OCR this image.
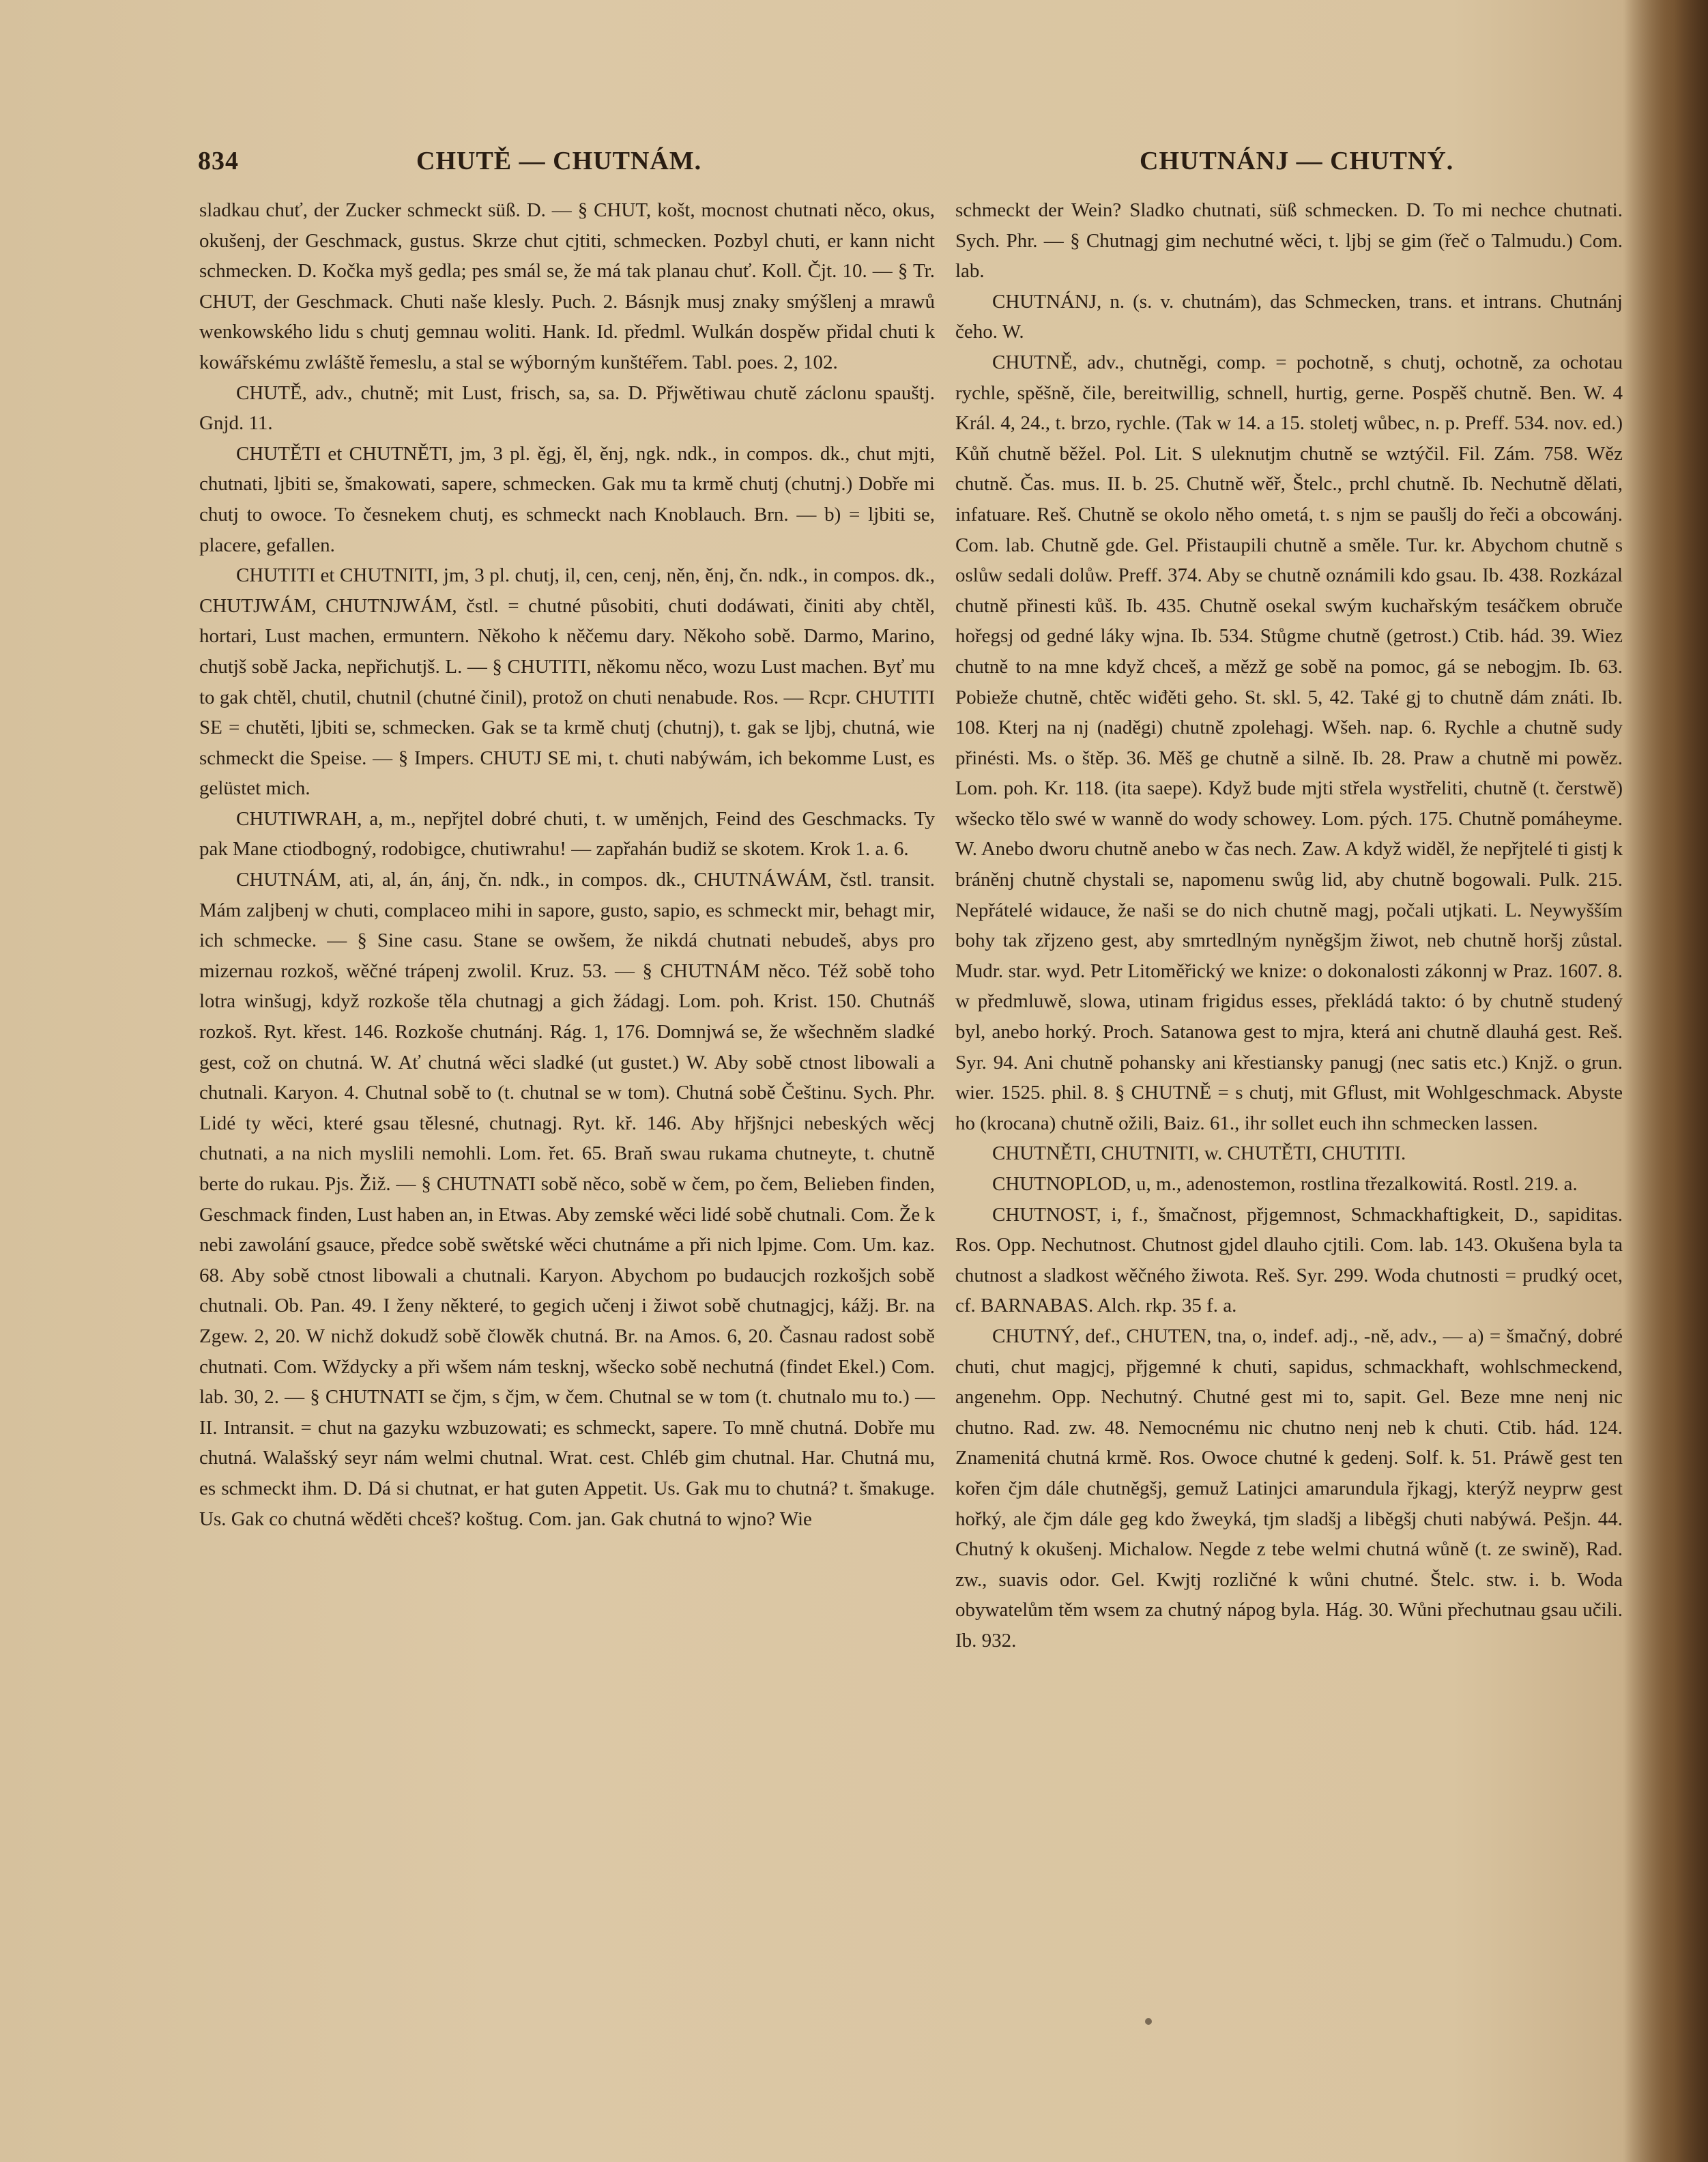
834	CHUTĚ — CHUTNÁM.	CHUTNÁNJ — CHUTNÝ.

sladkau chuť, der Zucker schmeckt süß. D. — § CHUT, košt, mocnost chutnati něco, okus, okušenj, der Geschmack, gustus. Skrze chut cjtiti, schmecken. Pozbyl chuti, er kann nicht schmecken. D. Kočka myš gedla; pes smál se, že má tak planau chuť. Koll. Čjt. 10. — § Tr. CHUT, der Geschmack. Chuti naše klesly. Puch. 2. Básnjk musj znaky smýšlenj a mrawů wenkowského lidu s chutj gemnau woliti. Hank. Id. předml. Wulkán dospěw přidal chuti k kowářskému zwláště řemeslu, a stal se wýborným kunštéřem. Tabl. poes. 2, 102.

CHUTĚ, adv., chutně; mit Lust, frisch, sa, sa. D. Přjwětiwau chutě záclonu spauštj. Gnjd. 11.

CHUTĚTI et CHUTNĚTI, jm, 3 pl. ěgj, ěl, ěnj, ngk. ndk., in compos. dk., chut mjti, chutnati, ljbiti se, šmakowati, sapere, schmecken. Gak mu ta krmě chutj (chutnj.) Dobře mi chutj to owoce. To česnekem chutj, es schmeckt nach Knoblauch. Brn. — b) = ljbiti se, placere, gefallen.

CHUTITI et CHUTNITI, jm, 3 pl. chutj, il, cen, cenj, něn, ěnj, čn. ndk., in compos. dk., CHUTJWÁM, CHUTNJWÁM, čstl. = chutné působiti, chuti dodáwati, činiti aby chtěl, hortari, Lust machen, ermuntern. Někoho k něčemu dary. Někoho sobě. Darmo, Marino, chutjš sobě Jacka, nepřichutjš. L. — § CHUTITI, někomu něco, wozu Lust machen. Byť mu to gak chtěl, chutil, chutnil (chutné činil), protož on chuti nenabude. Ros. — Rcpr. CHUTITI SE = chutěti, ljbiti se, schmecken. Gak se ta krmě chutj (chutnj), t. gak se ljbj, chutná, wie schmeckt die Speise. — § Impers. CHUTJ SE mi, t. chuti nabýwám, ich bekomme Lust, es gelüstet mich.

CHUTIWRAH, a, m., nepřjtel dobré chuti, t. w uměnjch, Feind des Geschmacks. Ty pak Mane ctiodbogný, rodobigce, chutiwrahu! — zapřahán budiž se skotem. Krok 1. a. 6.

CHUTNÁM, ati, al, án, ánj, čn. ndk., in compos. dk., CHUTNÁWÁM, čstl. transit. Mám zaljbenj w chuti, complaceo mihi in sapore, gusto, sapio, es schmeckt mir, behagt mir, ich schmecke. — § Sine casu. Stane se owšem, že nikdá chutnati nebudeš, abys pro mizernau rozkoš, wěčné trápenj zwolil. Kruz. 53. — § CHUTNÁM něco. Též sobě toho lotra winšugj, když rozkoše těla chutnagj a gich žádagj. Lom. poh. Krist. 150. Chutnáš rozkoš. Ryt. křest. 146. Rozkoše chutnánj. Rág. 1, 176. Domnjwá se, že wšechněm sladké gest, což on chutná. W. Ať chutná wěci sladké (ut gustet.) W. Aby sobě ctnost libowali a chutnali. Karyon. 4. Chutnal sobě to (t. chutnal se w tom). Chutná sobě Češtinu. Sych. Phr. Lidé ty wěci, které gsau tělesné, chutnagj. Ryt. kř. 146. Aby hřjšnjci nebeských wěcj chutnati, a na nich myslili nemohli. Lom. řet. 65. Braň swau rukama chutneyte, t. chutně berte do rukau. Pjs. Žiž. — § CHUTNATI sobě něco, sobě w čem, po čem, Belieben finden, Geschmack finden, Lust haben an, in Etwas. Aby zemské wěci lidé sobě chutnali. Com. Že k nebi zawolání gsauce, předce sobě swětské wěci chutnáme a při nich lpjme. Com. Um. kaz. 68. Aby sobě ctnost libowali a chutnali. Karyon. Abychom po budaucjch rozkošjch sobě chutnali. Ob. Pan. 49. I ženy některé, to gegich učenj i žiwot sobě chutnagjcj, kážj. Br. na Zgew. 2, 20. W nichž dokudž sobě člowěk chutná. Br. na Amos. 6, 20. Časnau radost sobě chutnati. Com. Wždycky a při wšem nám tesknj, wšecko sobě nechutná (findet Ekel.) Com. lab. 30, 2. — § CHUTNATI se čjm, s čjm, w čem. Chutnal se w tom (t. chutnalo mu to.) — II. Intransit. = chut na gazyku wzbuzowati; es schmeckt, sapere. To mně chutná. Dobře mu chutná. Walašský seyr nám welmi chutnal. Wrat. cest. Chléb gim chutnal. Har. Chutná mu, es schmeckt ihm. D. Dá si chutnat, er hat guten Appetit. Us. Gak mu to chutná? t. šmakuge. Us. Gak co chutná wěděti chceš? koštug. Com. jan. Gak chutná to wjno? Wie

schmeckt der Wein? Sladko chutnati, süß schmecken. D. To mi nechce chutnati. Sych. Phr. — § Chutnagj gim nechutné wěci, t. ljbj se gim (řeč o Talmudu.) Com. lab.

CHUTNÁNJ, n. (s. v. chutnám), das Schmecken, trans. et intrans. Chutnánj čeho. W.

CHUTNĚ, adv., chutněgi, comp. = pochotně, s chutj, ochotně, za ochotau rychle, spěšně, čile, bereitwillig, schnell, hurtig, gerne. Pospěš chutně. Ben. W. 4 Král. 4, 24., t. brzo, rychle. (Tak w 14. a 15. stoletj wůbec, n. p. Preff. 534. nov. ed.) Kůň chutně běžel. Pol. Lit. S uleknutjm chutně se wztýčil. Fil. Zám. 758. Wěz chutně. Čas. mus. II. b. 25. Chutně wěř, Štelc., prchl chutně. Ib. Nechutně dělati, infatuare. Reš. Chutně se okolo něho ometá, t. s njm se paušlj do řeči a obcowánj. Com. lab. Chutně gde. Gel. Přistaupili chutně a směle. Tur. kr. Abychom chutně s oslůw sedali dolůw. Preff. 374. Aby se chutně oznámili kdo gsau. Ib. 438. Rozkázal chutně přinesti kůš. Ib. 435. Chutně osekal swým kuchařským tesáčkem obruče hořegsj od gedné láky wjna. Ib. 534. Stůgme chutně (getrost.) Ctib. hád. 39. Wiez chutně to na mne když chceš, a mězž ge sobě na pomoc, gá se nebogjm. Ib. 63. Pobieže chutně, chtěc wiđěti geho. St. skl. 5, 42. Také gj to chutně dám znáti. Ib. 108. Kterj na nj (naděgi) chutně zpolehagj. Wšeh. nap. 6. Rychle a chutně sudy přinésti. Ms. o štěp. 36. Měš ge chutně a silně. Ib. 28. Praw a chutně mi powěz. Lom. poh. Kr. 118. (ita saepe). Když bude mjti střela wystřeliti, chutně (t. čerstwě) wšecko tělo swé w wanně do wody schowey. Lom. pých. 175. Chutně pomáheyme. W. Anebo dworu chutně anebo w čas nech. Zaw. A když widěl, že nepřjtelé ti gistj k bráněnj chutně chystali se, napomenu swůg lid, aby chutně bogowali. Pulk. 215. Nepřátelé widauce, že naši se do nich chutně magj, počali utjkati. L. Neywyšším bohy tak zřjzeno gest, aby smrtedlným nyněgšjm žiwot, neb chutně horšj zůstal. Mudr. star. wyd. Petr Litoměřický we knize: o dokonalosti zákonnj w Praz. 1607. 8. w předmluwě, slowa, utinam frigidus esses, překládá takto: ó by chutně studený byl, anebo horký. Proch. Satanowa gest to mjra, která ani chutně dlauhá gest. Reš. Syr. 94. Ani chutně pohansky ani křestiansky panugj (nec satis etc.) Knjž. o grun. wier. 1525. phil. 8. § CHUTNĚ = s chutj, mit Gflust, mit Wohlgeschmack. Abyste ho (krocana) chutně ožili, Baiz. 61., ihr sollet euch ihn schmecken lassen.

CHUTNĚTI, CHUTNITI, w. CHUTĚTI, CHUTITI.

CHUTNOPLOD, u, m., adenostemon, rostlina třezalkowitá. Rostl. 219. a.

CHUTNOST, i, f., šmačnost, přjgemnost, Schmackhaftigkeit, D., sapiditas. Ros. Opp. Nechutnost. Chutnost gjdel dlauho cjtili. Com. lab. 143. Okušena byla ta chutnost a sladkost wěčného žiwota. Reš. Syr. 299. Woda chutnosti = prudký ocet, cf. BARNABAS. Alch. rkp. 35 f. a.

CHUTNÝ, def., CHUTEN, tna, o, indef. adj., -ně, adv., — a) = šmačný, dobré chuti, chut magjcj, přjgemné k chuti, sapidus, schmackhaft, wohlschmeckend, angenehm. Opp. Nechutný. Chutné gest mi to, sapit. Gel. Beze mne nenj nic chutno. Rad. zw. 48. Nemocnému nic chutno nenj neb k chuti. Ctib. hád. 124. Znamenitá chutná krmě. Ros. Owoce chutné k gedenj. Solf. k. 51. Práwě gest ten kořen čjm dále chutněgšj, gemuž Latinjci amarundula řjkagj, kterýž neyprw gest hořký, ale čjm dále geg kdo žweyká, tjm sladšj a liběgšj chuti nabýwá. Pešjn. 44. Chutný k okušenj. Michalow. Negde z tebe welmi chutná wůně (t. ze swině), Rad. zw., suavis odor. Gel. Kwjtj rozličné k wůni chutné. Štelc. stw. i. b. Woda obywatelům těm wsem za chutný nápog byla. Hág. 30. Wůni přechutnau gsau učili. Ib. 932.
